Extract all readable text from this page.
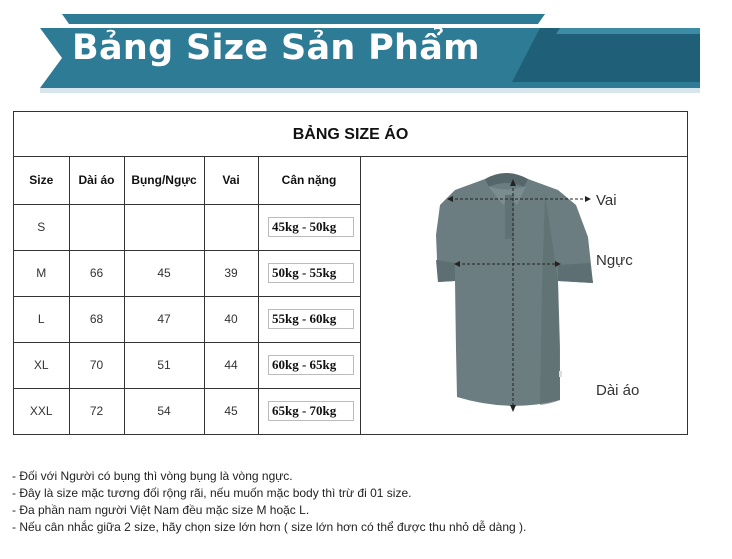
Bảng Size Sản Phẩm
BẢNG SIZE ÁO
Size	Dài áo	Bụng/Ngực	Vai	Cân nặng
S				45kg - 50kg
M	66	45	39	50kg - 55kg
L	68	47	40	55kg - 60kg
XL	70	51	44	60kg - 65kg
XXL	72	54	45	65kg - 70kg
Vai
Ngực
Dài áo
- Đối với Người có bụng thì vòng bụng là vòng ngực.
- Đây là size mặc tương đối rộng rãi, nếu muốn mặc body thì trừ đi 01 size.
- Đa phần nam người Việt Nam đều mặc size M hoặc L.
- Nếu cân nhắc giữa 2 size, hãy chọn size lớn hơn ( size lớn hơn có thể được thu nhỏ dễ dàng ).
